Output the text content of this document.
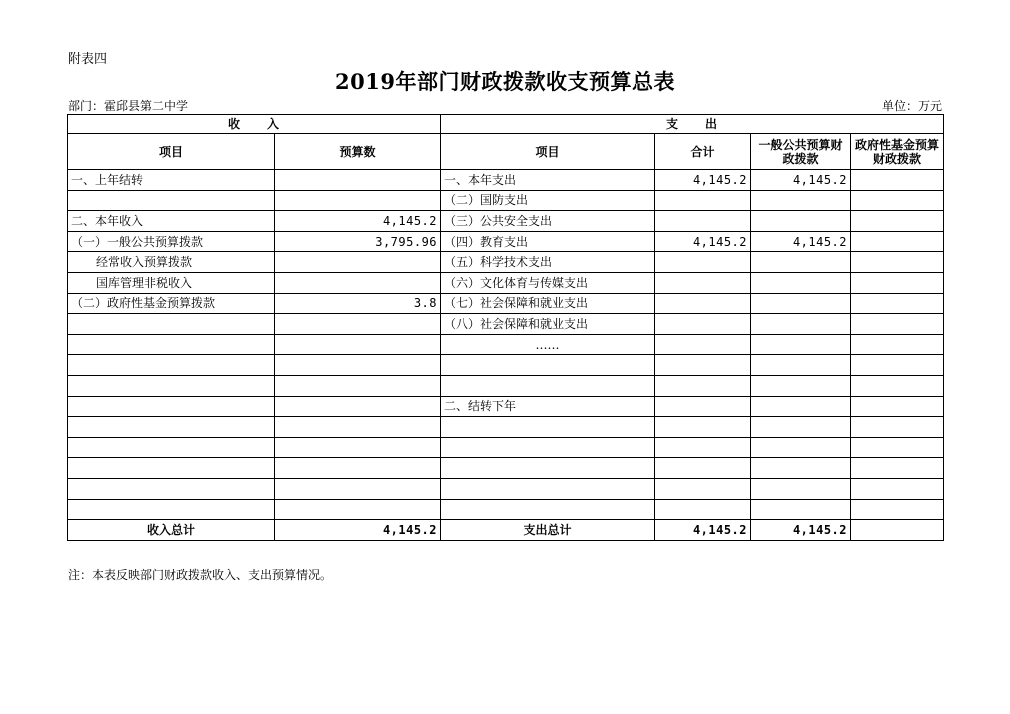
附表四
2019年部门财政拨款收支预算总表
部门：霍邱县第二中学	单位：万元
收　　入		支　　出			
项目	预算数	项目	合计	一般公共预算财政拨款	政府性基金预算财政拨款
一、上年结转		一、本年支出	4,145.2	4,145.2	
		（二）国防支出			
二、本年收入	4,145.2	（三）公共安全支出			
（一）一般公共预算拨款	3,795.96	（四）教育支出	4,145.2	4,145.2	
经常收入预算拨款		（五）科学技术支出			
国库管理非税收入		（六）文化体育与传媒支出			
（二）政府性基金预算拨款	3.8	（七）社会保障和就业支出			
		（八）社会保障和就业支出			
		……			

		二、结转下年			

收入总计	4,145.2	支出总计	4,145.2	4,145.2	
注：本表反映部门财政拨款收入、支出预算情况。
